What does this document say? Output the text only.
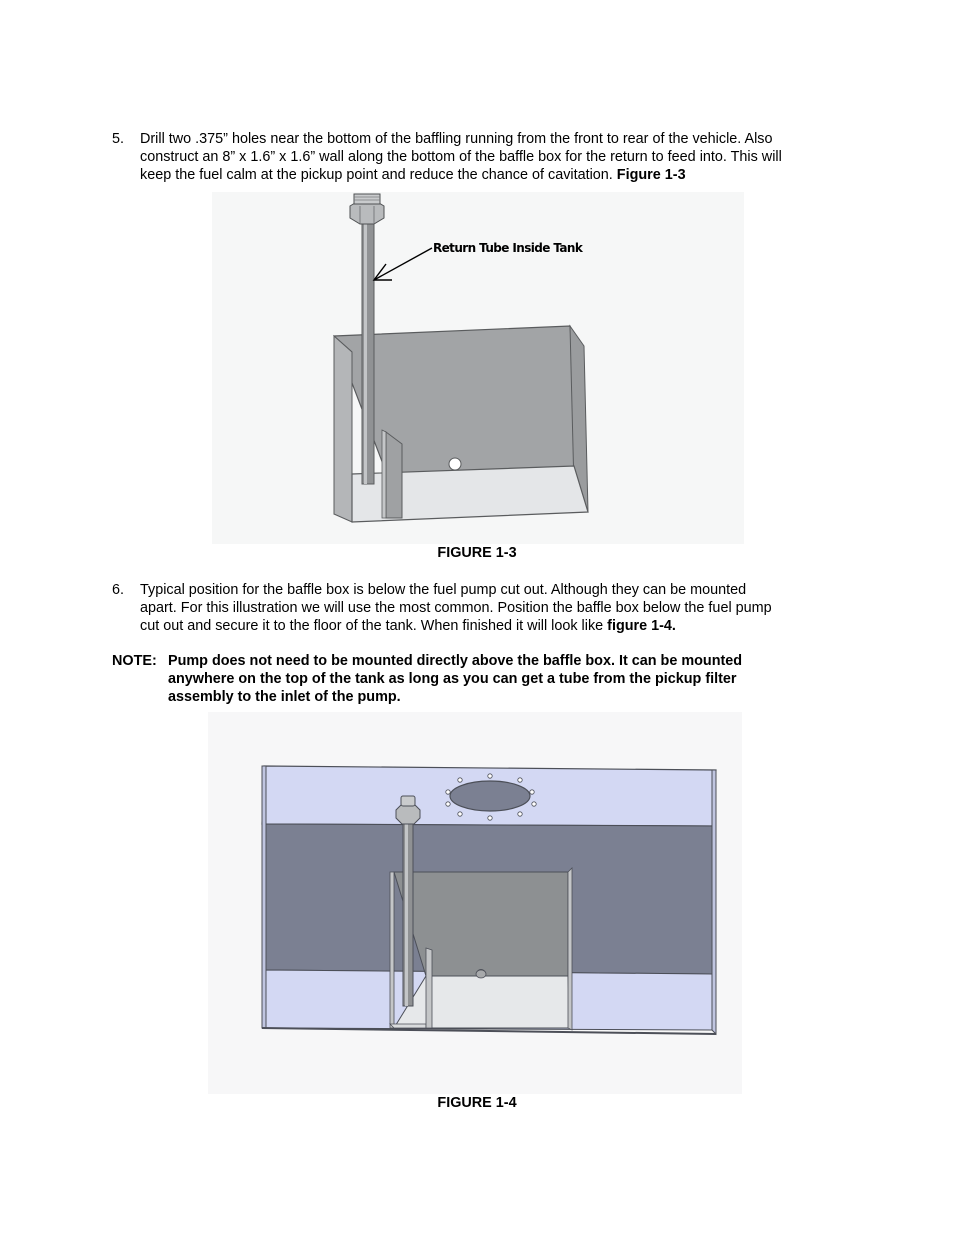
5. Drill two .375” holes near the bottom of the baffling running from the front to rear of the vehicle. Also
construct an 8” x 1.6” x 1.6” wall along the bottom of the baffle box for the return to feed into. This will
keep the fuel calm at the pickup point and reduce the chance of cavitation. Figure 1-3
Return Tube Inside Tank
FIGURE 1-3
6. Typical position for the baffle box is below the fuel pump cut out. Although they can be mounted
apart. For this illustration we will use the most common. Position the baffle box below the fuel pump
cut out and secure it to the floor of the tank. When finished it will look like figure 1-4.
NOTE: Pump does not need to be mounted directly above the baffle box. It can be mounted
anywhere on the top of the tank as long as you can get a tube from the pickup filter
assembly to the inlet of the pump.
FIGURE 1-4
